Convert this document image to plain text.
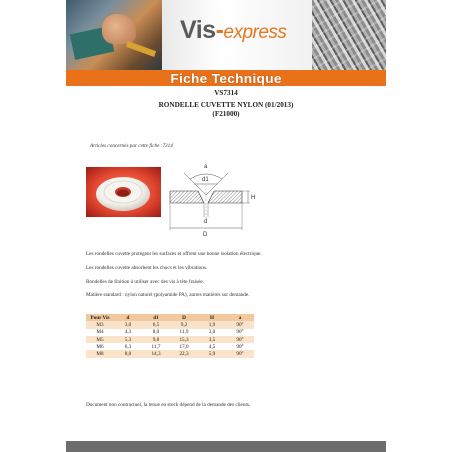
Vis-express
Fiche Technique
VS7314
RONDELLE CUVETTE NYLON (01/2013)
(F21000)
Articles concernés par cette fiche :7314
a
d1
H
d
D
Les rondelles cuvette protègent les surfaces et offrent une bonne isolation électrique.
Les rondelles cuvette absorbent les chocs et les vibrations.
Rondelles de finition à utiliser avec des vis à tête fraisée.
Matière standard : nylon naturel (polyamide PA), autres matières sur demande.
Pour Vis	d	d1	D	H	a
M3	3,0	6,5	9,2	1,9	90°
M4	4,3	8,0	11,9	3,0	90°
M5	5,3	9,8	15,3	3,5	90°
M6	6,3	11,7	17,0	4,5	90°
M8	8,0	14,3	22,3	5,9	90°
Document non contractuel, la tenue en stock dépend de la demande des clients.
